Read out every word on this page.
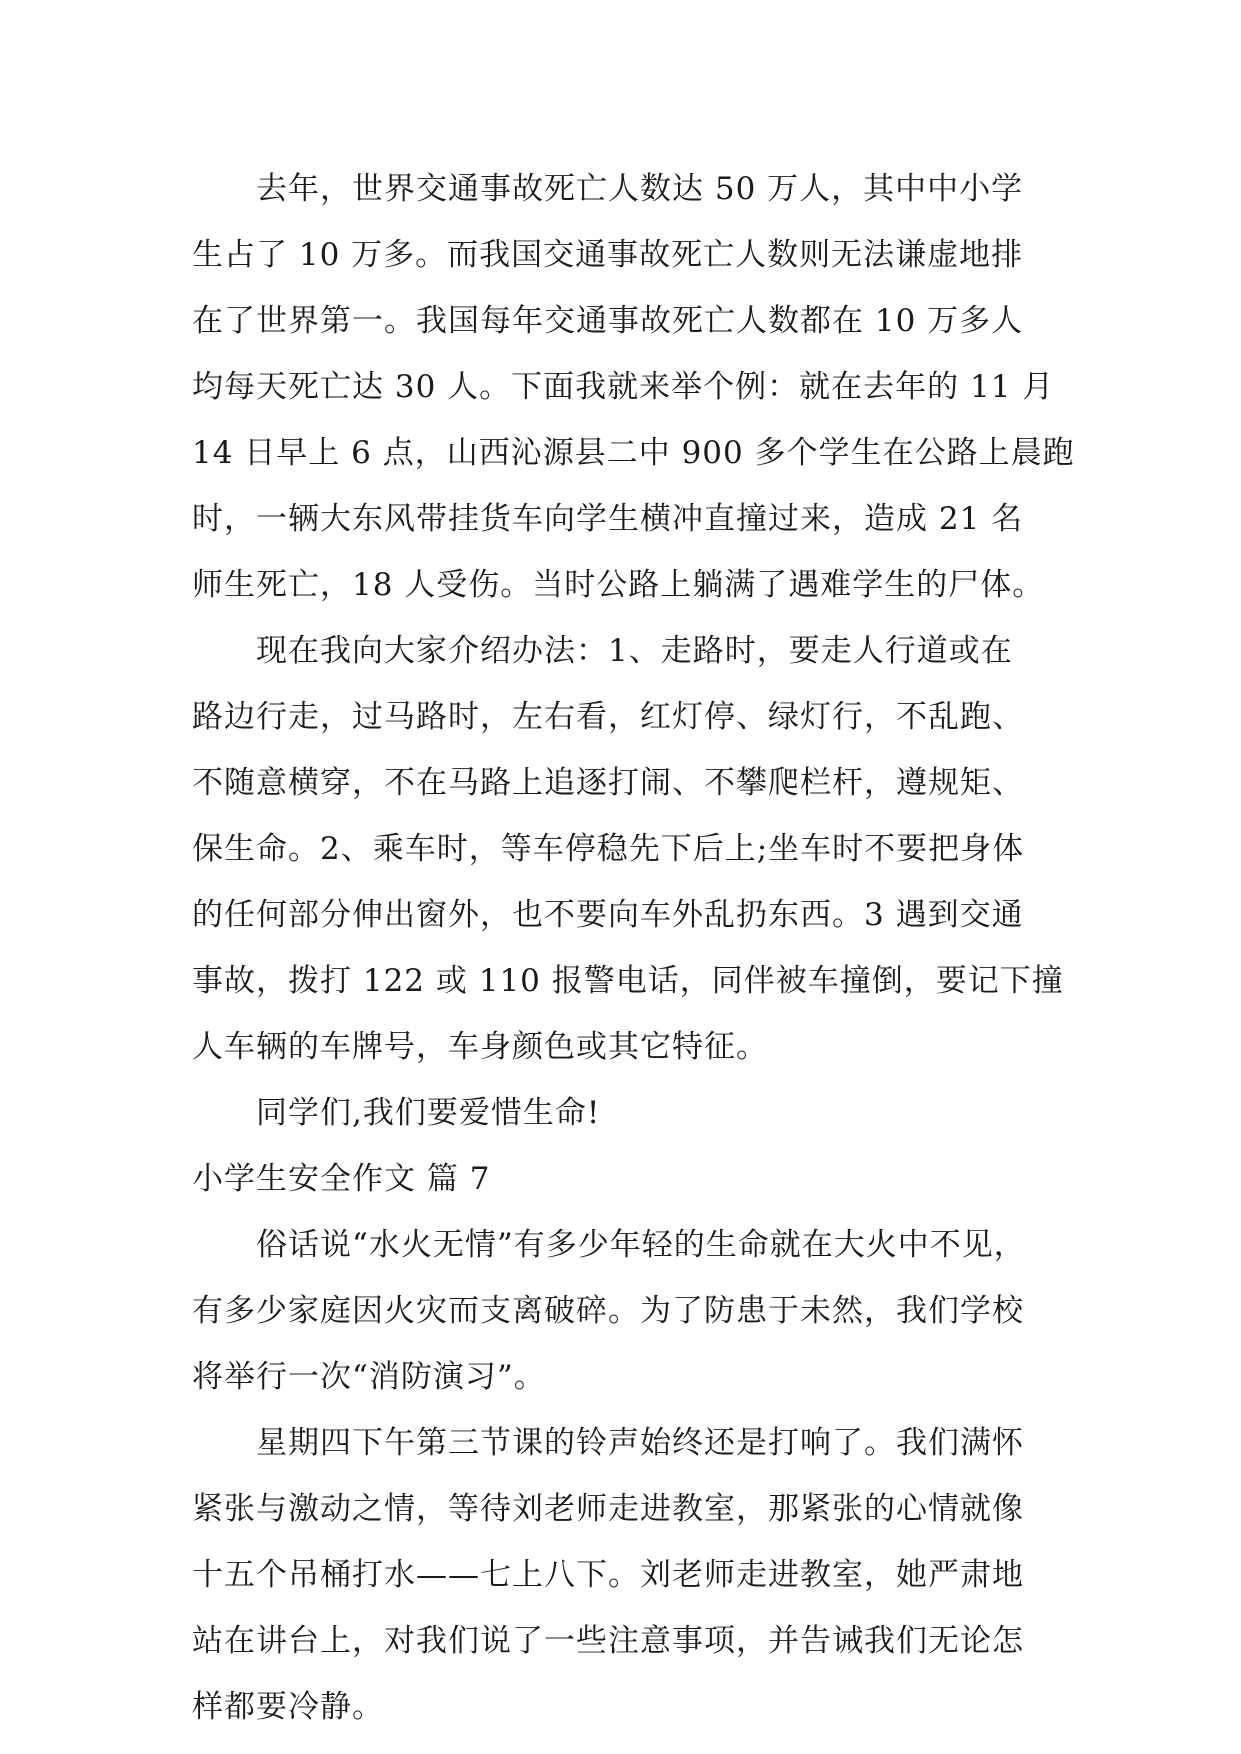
去年，世界交通事故死亡人数达 50 万人，其中中小学
生占了 10 万多。而我国交通事故死亡人数则无法谦虚地排
在了世界第一。我国每年交通事故死亡人数都在 10 万多人
均每天死亡达 30 人。下面我就来举个例：就在去年的 11 月
14 日早上 6 点，山西沁源县二中 900 多个学生在公路上晨跑
时，一辆大东风带挂货车向学生横冲直撞过来，造成 21 名
师生死亡，18 人受伤。当时公路上躺满了遇难学生的尸体。
现在我向大家介绍办法：1、走路时，要走人行道或在
路边行走，过马路时，左右看，红灯停、绿灯行，不乱跑、
不随意横穿，不在马路上追逐打闹、不攀爬栏杆，遵规矩、
保生命。2、乘车时，等车停稳先下后上;坐车时不要把身体
的任何部分伸出窗外，也不要向车外乱扔东西。3 遇到交通
事故，拨打 122 或 110 报警电话，同伴被车撞倒，要记下撞
人车辆的车牌号，车身颜色或其它特征。
同学们,我们要爱惜生命!
小学生安全作文 篇 7
俗话说“水火无情”有多少年轻的生命就在大火中不见，
有多少家庭因火灾而支离破碎。为了防患于未然，我们学校
将举行一次“消防演习”。
星期四下午第三节课的铃声始终还是打响了。我们满怀
紧张与激动之情，等待刘老师走进教室，那紧张的心情就像
十五个吊桶打水——七上八下。刘老师走进教室，她严肃地
站在讲台上，对我们说了一些注意事项，并告诫我们无论怎
样都要冷静。
